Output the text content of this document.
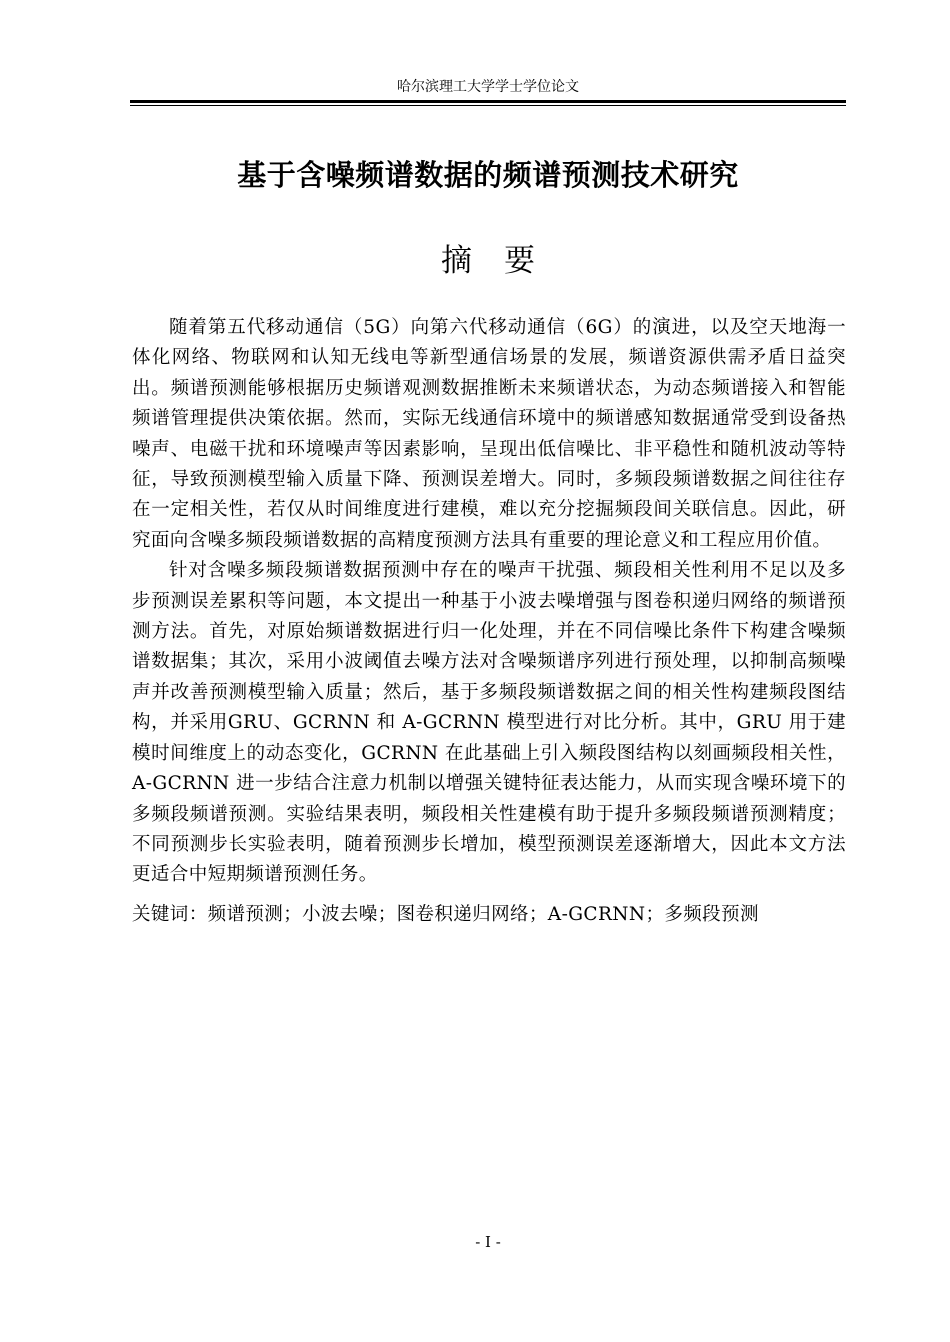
哈尔滨理工大学学士学位论文
基于含噪频谱数据的频谱预测技术研究
摘要

随着第五代移动通信（5G）向第六代移动通信（6G）的演进，以及空天地海一体化网络、物联网和认知无线电等新型通信场景的发展，频谱资源供需矛盾日益突出。频谱预测能够根据历史频谱观测数据推断未来频谱状态，为动态频谱接入和智能频谱管理提供决策依据。然而，实际无线通信环境中的频谱感知数据通常受到设备热噪声、电磁干扰和环境噪声等因素影响，呈现出低信噪比、非平稳性和随机波动等特征，导致预测模型输入质量下降、预测误差增大。同时，多频段频谱数据之间往往存在一定相关性，若仅从时间维度进行建模，难以充分挖掘频段间关联信息。因此，研究面向含噪多频段频谱数据的高精度预测方法具有重要的理论意义和工程应用价值。

针对含噪多频段频谱数据预测中存在的噪声干扰强、频段相关性利用不足以及多步预测误差累积等问题，本文提出一种基于小波去噪增强与图卷积递归网络的频谱预测方法。首先，对原始频谱数据进行归一化处理，并在不同信噪比条件下构建含噪频谱数据集；其次，采用小波阈值去噪方法对含噪频谱序列进行预处理，以抑制高频噪声并改善预测模型输入质量；然后，基于多频段频谱数据之间的相关性构建频段图结构，并采用GRU、GCRNN 和 A-GCRNN 模型进行对比分析。其中，GRU 用于建模时间维度上的动态变化，GCRNN 在此基础上引入频段图结构以刻画频段相关性，A-GCRNN 进一步结合注意力机制以增强关键特征表达能力，从而实现含噪环境下的多频段频谱预测。实验结果表明，频段相关性建模有助于提升多频段频谱预测精度；不同预测步长实验表明，随着预测步长增加，模型预测误差逐渐增大，因此本文方法更适合中短期频谱预测任务。

关键词：频谱预测；小波去噪；图卷积递归网络；A-GCRNN；多频段预测
- I -
